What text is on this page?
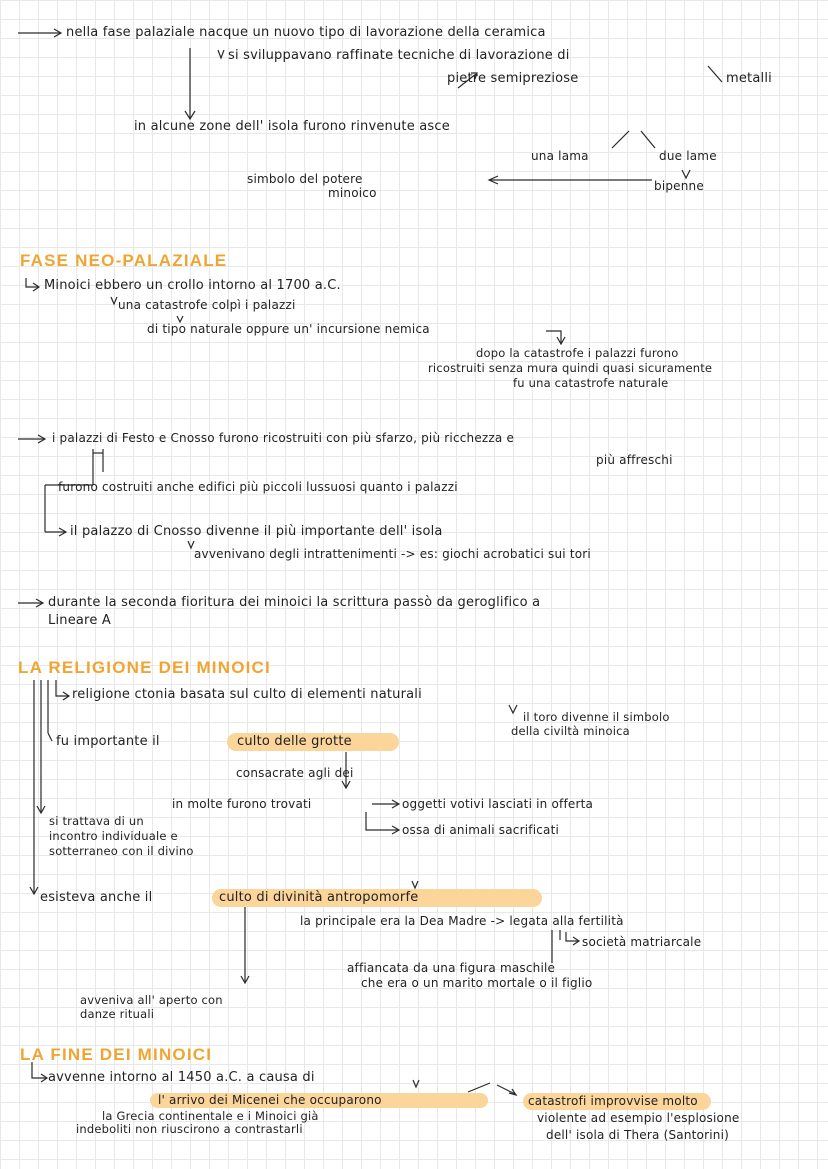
nella fase palaziale nacque un nuovo tipo di lavorazione della ceramica
si sviluppavano raffinate tecniche di lavorazione di
pietre semipreziose	metalli
in alcune zone dell' isola furono rinvenute asce
una lama	due lame
bipenne
simbolo del potere
minoico
FASE NEO-PALAZIALE
Minoici ebbero un crollo intorno al 1700 a.C.
una catastrofe colpì i palazzi
di tipo naturale oppure un' incursione nemica
dopo la catastrofe i palazzi furono
ricostruiti senza mura quindi quasi sicuramente
fu una catastrofe naturale
i palazzi di Festo e Cnosso furono ricostruiti con più sfarzo, più ricchezza e
più affreschi
furono costruiti anche edifici più piccoli lussuosi quanto i palazzi
il palazzo di Cnosso divenne il più importante dell' isola
avvenivano degli intrattenimenti -> es: giochi acrobatici sui tori
durante la seconda fioritura dei minoici la scrittura passò da geroglifico a
Lineare A
LA RELIGIONE DEI MINOICI
religione ctonia basata sul culto di elementi naturali
il toro divenne il simbolo
della civiltà minoica
fu importante il	culto delle grotte
consacrate agli dei
in molte furono trovati	oggetti votivi lasciati in offerta
ossa di animali sacrificati
si trattava di un
incontro individuale e
sotterraneo con il divino
esisteva anche il	culto di divinità antropomorfe
la principale era la Dea Madre -> legata alla fertilità
società matriarcale
affiancata da una figura maschile
che era o un marito mortale o il figlio
avveniva all' aperto con
danze rituali
LA FINE DEI MINOICI
avvenne intorno al 1450 a.C. a causa di
l' arrivo dei Micenei che occuparono
la Grecia continentale e i Minoici già
indeboliti non riuscirono a contrastarli
catastrofi improvvise molto
violente ad esempio l'esplosione
dell' isola di Thera (Santorini)
